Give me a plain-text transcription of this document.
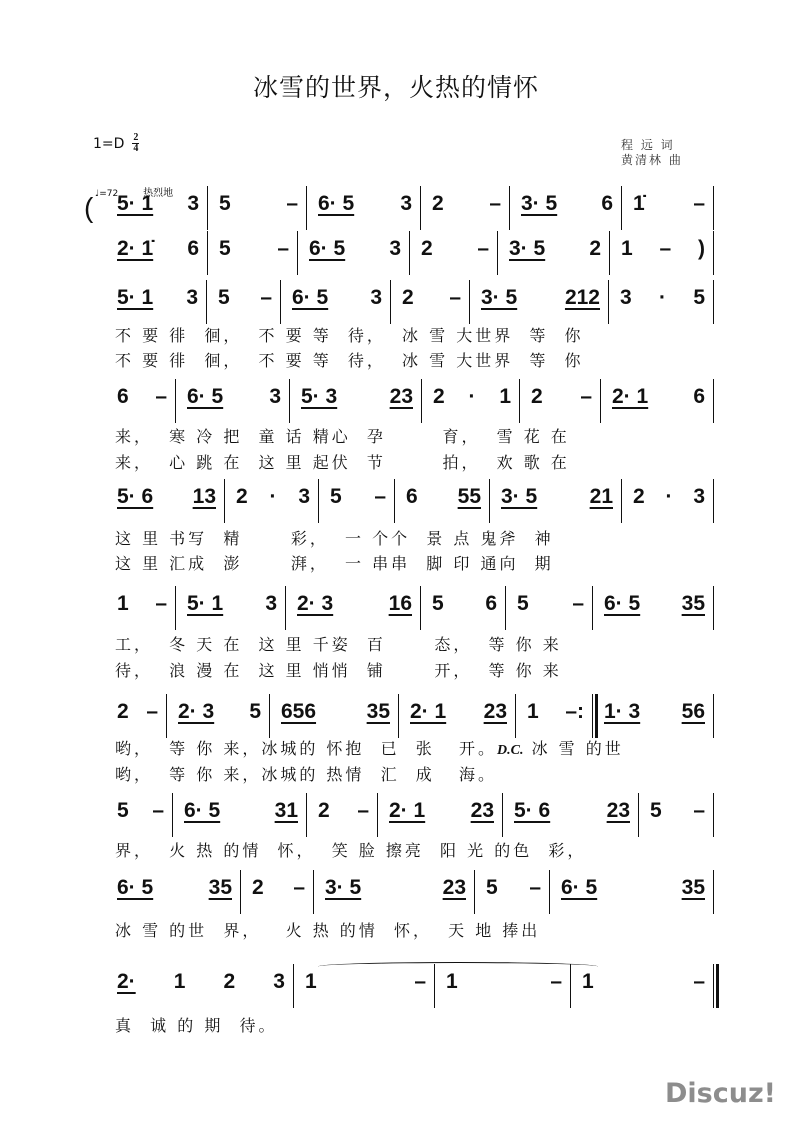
冰雪的世界，火热的情怀
$1=D \frac{2}{4}$	程 远 词
黄清林 曲
♩=72 热烈地
( 5· 1 3 5	– 6· 5 3 2 – 3· 5 6 1̇ –
2· 1̇ 6 5 – 6· 5 3 2 – 3· 5 2 1 – )
5· 1 3 5 – 6· 5 3 2 – 3· 5 212 3 · 5
不 要 徘  徊，  不 要 等  待，  冰 雪 大世界  等  你
不 要 徘  徊，  不 要 等  待，  冰 雪 大世界  等  你
6 – 6· 5 3 5· 3 23 2 · 1 2 – 2· 1 6
来，  寒 冷 把  童 话 精心  孕       育，  雪 花 在
来，  心 跳 在  这 里 起伏  节       拍，  欢 歌 在
5· 6 13 2 · 3 5 – 6 55 3· 5 21 2 · 3
这 里 书写  精      彩，  一 个个  景 点 鬼斧  神
这 里 汇成  澎      湃，  一 串串  脚 印 通向  期
1 – 5· 1 3 2· 3	16 5 6 5 – 6· 5 35
工，  冬 天 在  这 里 千姿  百      态，  等 你 来
待，  浪 漫 在  这 里 悄悄  铺      开，  等 你 来
2 – 2· 3 5 656 35 2· 1 23 1 –: 1· 3 56
哟，  等 你 来，冰城的 怀抱  已  张   开。D.C. 冰 雪 的世
哟，  等 你 来，冰城的 热情  汇  成   海。
5 – 6· 5	31 2 – 2· 1 23 5· 6	23 5 –
界，  火 热 的情  怀，  笑 脸 擦亮  阳 光 的色  彩，
6· 5	35 2 – 3· 5	23 5 – 6· 5	35
冰 雪 的世  界，   火 热 的情  怀，  天 地 捧出
2· 1 2 3 1	– 1	– 1	–
真  诚 的 期  待。
Discuz!
